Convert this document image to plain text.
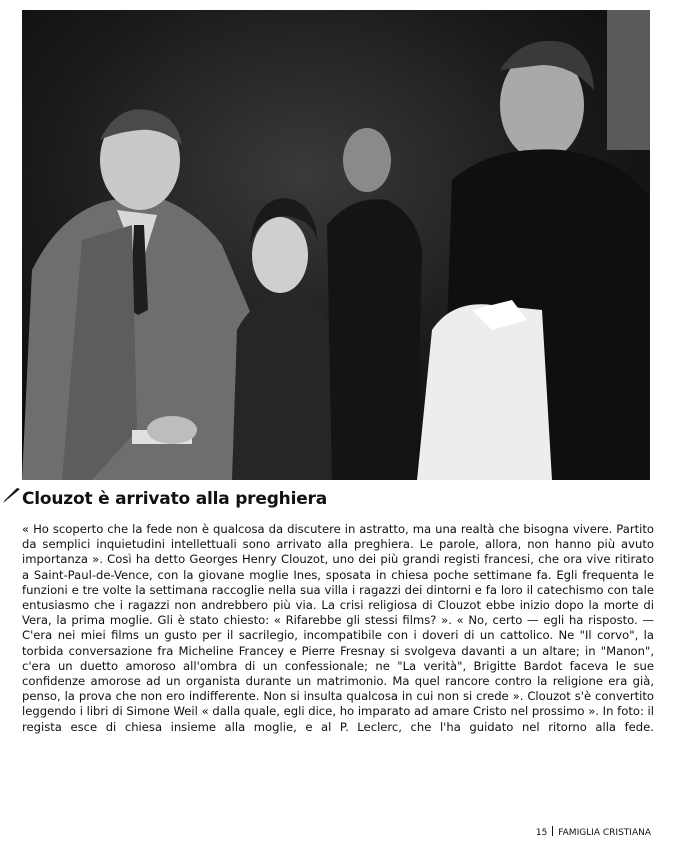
Clouzot è arrivato alla preghiera

« Ho scoperto che la fede non è qualcosa da discutere in astratto, ma una realtà che bisogna vivere. Partito da semplici inquietudini intellettuali sono arrivato alla preghiera. Le parole, allora, non hanno più avuto importanza ». Così ha detto Georges Henry Clouzot, uno dei più grandi registi francesi, che ora vive ritirato a Saint-Paul-de-Vence, con la giovane moglie Ines, sposata in chiesa poche settimane fa. Egli frequenta le funzioni e tre volte la settimana raccoglie nella sua villa i ragazzi dei dintorni e fa loro il catechismo con tale entusiasmo che i ragazzi non andrebbero più via. La crisi religiosa di Clouzot ebbe inizio dopo la morte di Vera, la prima moglie. Gli è stato chiesto: « Rifarebbe gli stessi films? ». « No, certo — egli ha risposto. — C'era nei miei films un gusto per il sacrilegio, incompatibile con i doveri di un cattolico. Ne "Il corvo", la torbida conversazione fra Micheline Francey e Pierre Fresnay si svolgeva davanti a un altare; in "Manon", c'era un duetto amoroso all'ombra di un confessionale; ne "La verità", Brigitte Bardot faceva le sue confidenze amorose ad un organista durante un matrimonio. Ma quel rancore contro la religione era già, penso, la prova che non ero indifferente. Non si insulta qualcosa in cui non si crede ». Clouzot s'è convertito leggendo i libri di Simone Weil « dalla quale, egli dice, ho imparato ad amare Cristo nel prossimo ». In foto: il regista esce di chiesa insieme alla moglie, e al P. Leclerc, che l'ha guidato nel ritorno alla fede.

15 FAMIGLIA CRISTIANA
